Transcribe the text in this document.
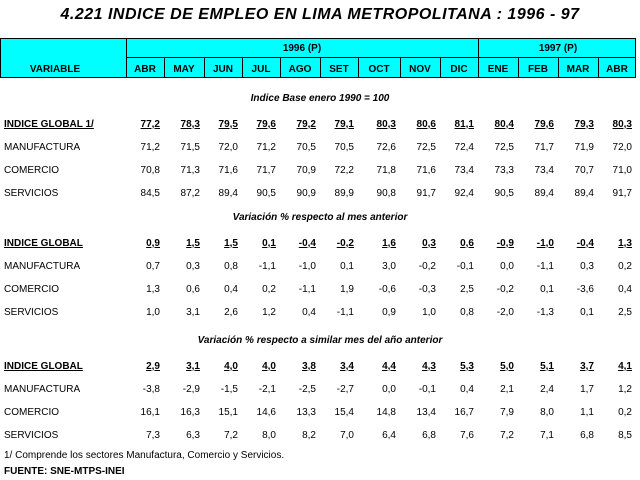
4.221 INDICE DE EMPLEO EN LIMA METROPOLITANA : 1996 - 97
VARIABLE
1996 (P)	1997 (P)
ABR	MAY	JUN	JUL	AGO	SET	OCT	NOV	DIC	ENE	FEB	MAR	ABR
Indice Base enero 1990 = 100
INDICE GLOBAL 1/	77,2	78,3	79,5	79,6	79,2	79,1	80,3	80,6	81,1	80,4	79,6	79,3	80,3
MANUFACTURA	71,2	71,5	72,0	71,2	70,5	70,5	72,6	72,5	72,4	72,5	71,7	71,9	72,0
COMERCIO	70,8	71,3	71,6	71,7	70,9	72,2	71,8	71,6	73,4	73,3	73,4	70,7	71,0
SERVICIOS	84,5	87,2	89,4	90,5	90,9	89,9	90,8	91,7	92,4	90,5	89,4	89,4	91,7
Variación % respecto al mes anterior
INDICE GLOBAL	0,9	1,5	1,5	0,1	-0,4	-0,2	1,6	0,3	0,6	-0,9	-1,0	-0,4	1,3
MANUFACTURA	0,7	0,3	0,8	-1,1	-1,0	0,1	3,0	-0,2	-0,1	0,0	-1,1	0,3	0,2
COMERCIO	1,3	0,6	0,4	0,2	-1,1	1,9	-0,6	-0,3	2,5	-0,2	0,1	-3,6	0,4
SERVICIOS	1,0	3,1	2,6	1,2	0,4	-1,1	0,9	1,0	0,8	-2,0	-1,3	0,1	2,5
Variación % respecto a similar mes del año anterior
INDICE GLOBAL	2,9	3,1	4,0	4,0	3,8	3,4	4,4	4,3	5,3	5,0	5,1	3,7	4,1
MANUFACTURA	-3,8	-2,9	-1,5	-2,1	-2,5	-2,7	0,0	-0,1	0,4	2,1	2,4	1,7	1,2
COMERCIO	16,1	16,3	15,1	14,6	13,3	15,4	14,8	13,4	16,7	7,9	8,0	1,1	0,2
SERVICIOS	7,3	6,3	7,2	8,0	8,2	7,0	6,4	6,8	7,6	7,2	7,1	6,8	8,5
1/ Comprende los sectores Manufactura, Comercio y Servicios.
FUENTE: SNE-MTPS-INEI
